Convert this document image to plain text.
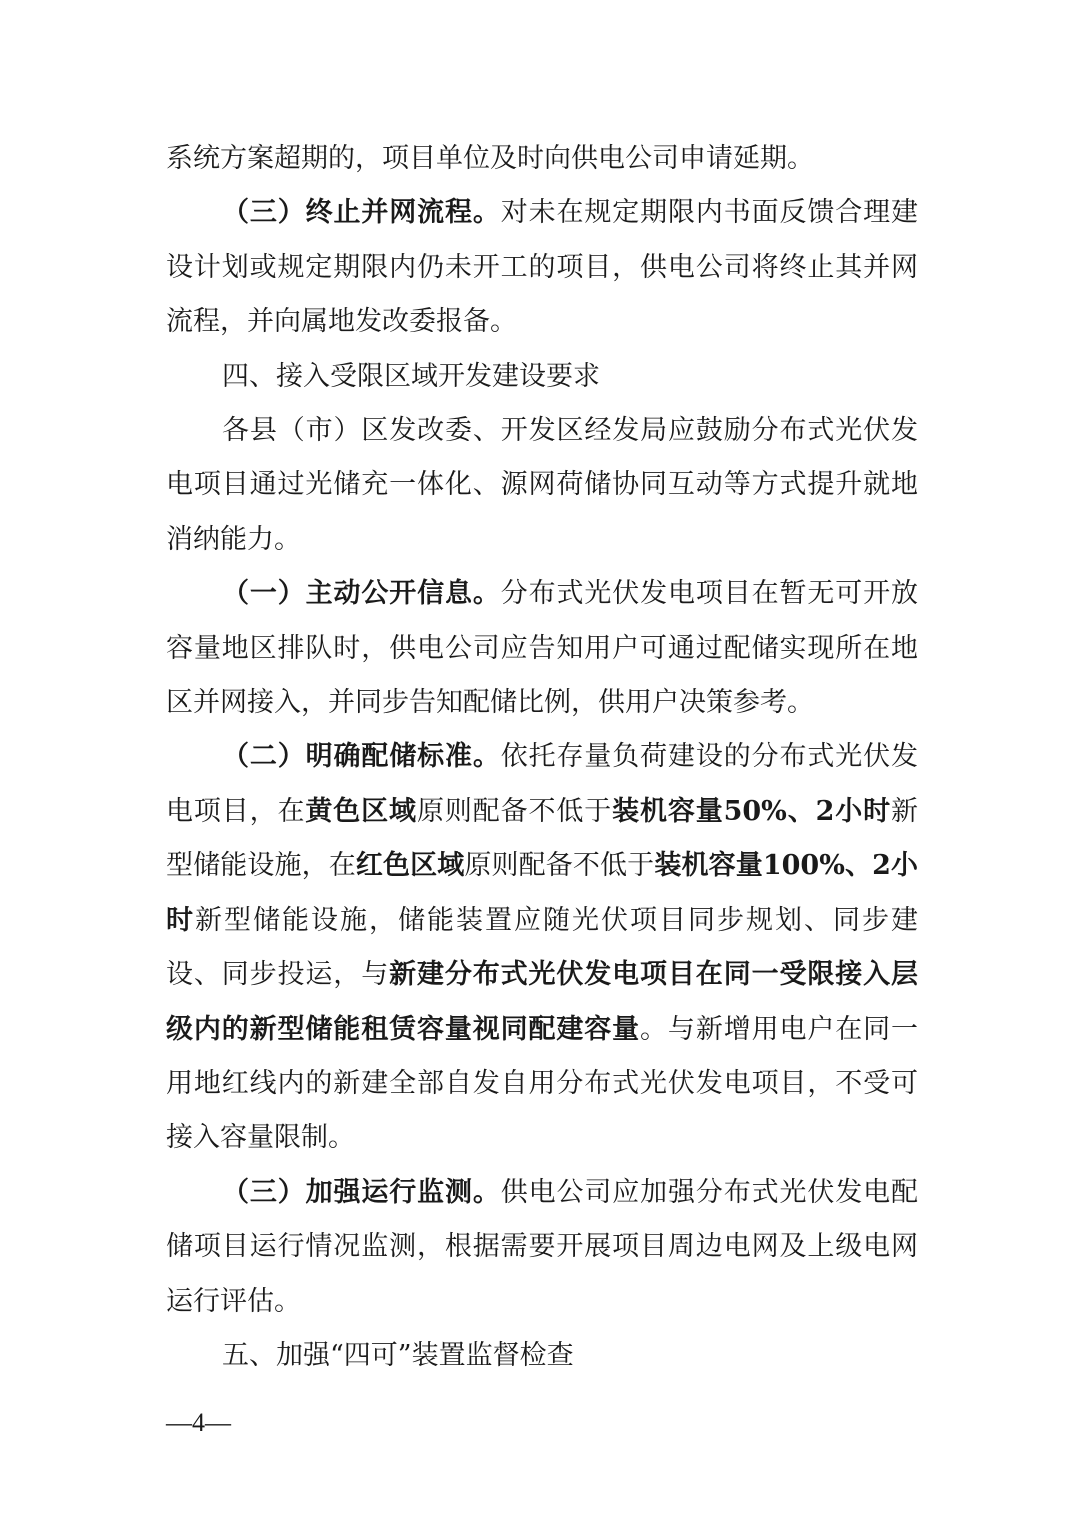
系统方案超期的，项目单位及时向供电公司申请延期。

（三）终止并网流程。对未在规定期限内书面反馈合理建设计划或规定期限内仍未开工的项目，供电公司将终止其并网流程，并向属地发改委报备。

四、接入受限区域开发建设要求

各县（市）区发改委、开发区经发局应鼓励分布式光伏发电项目通过光储充一体化、源网荷储协同互动等方式提升就地消纳能力。

（一）主动公开信息。分布式光伏发电项目在暂无可开放容量地区排队时，供电公司应告知用户可通过配储实现所在地区并网接入，并同步告知配储比例，供用户决策参考。

（二）明确配储标准。依托存量负荷建设的分布式光伏发电项目，在黄色区域原则配备不低于装机容量50%、2小时新型储能设施，在红色区域原则配备不低于装机容量100%、2小时新型储能设施，储能装置应随光伏项目同步规划、同步建设、同步投运，与新建分布式光伏发电项目在同一受限接入层级内的新型储能租赁容量视同配建容量。与新增用电户在同一用地红线内的新建全部自发自用分布式光伏发电项目，不受可接入容量限制。

（三）加强运行监测。供电公司应加强分布式光伏发电配储项目运行情况监测，根据需要开展项目周边电网及上级电网运行评估。

五、加强“四可”装置监督检查

—4—
